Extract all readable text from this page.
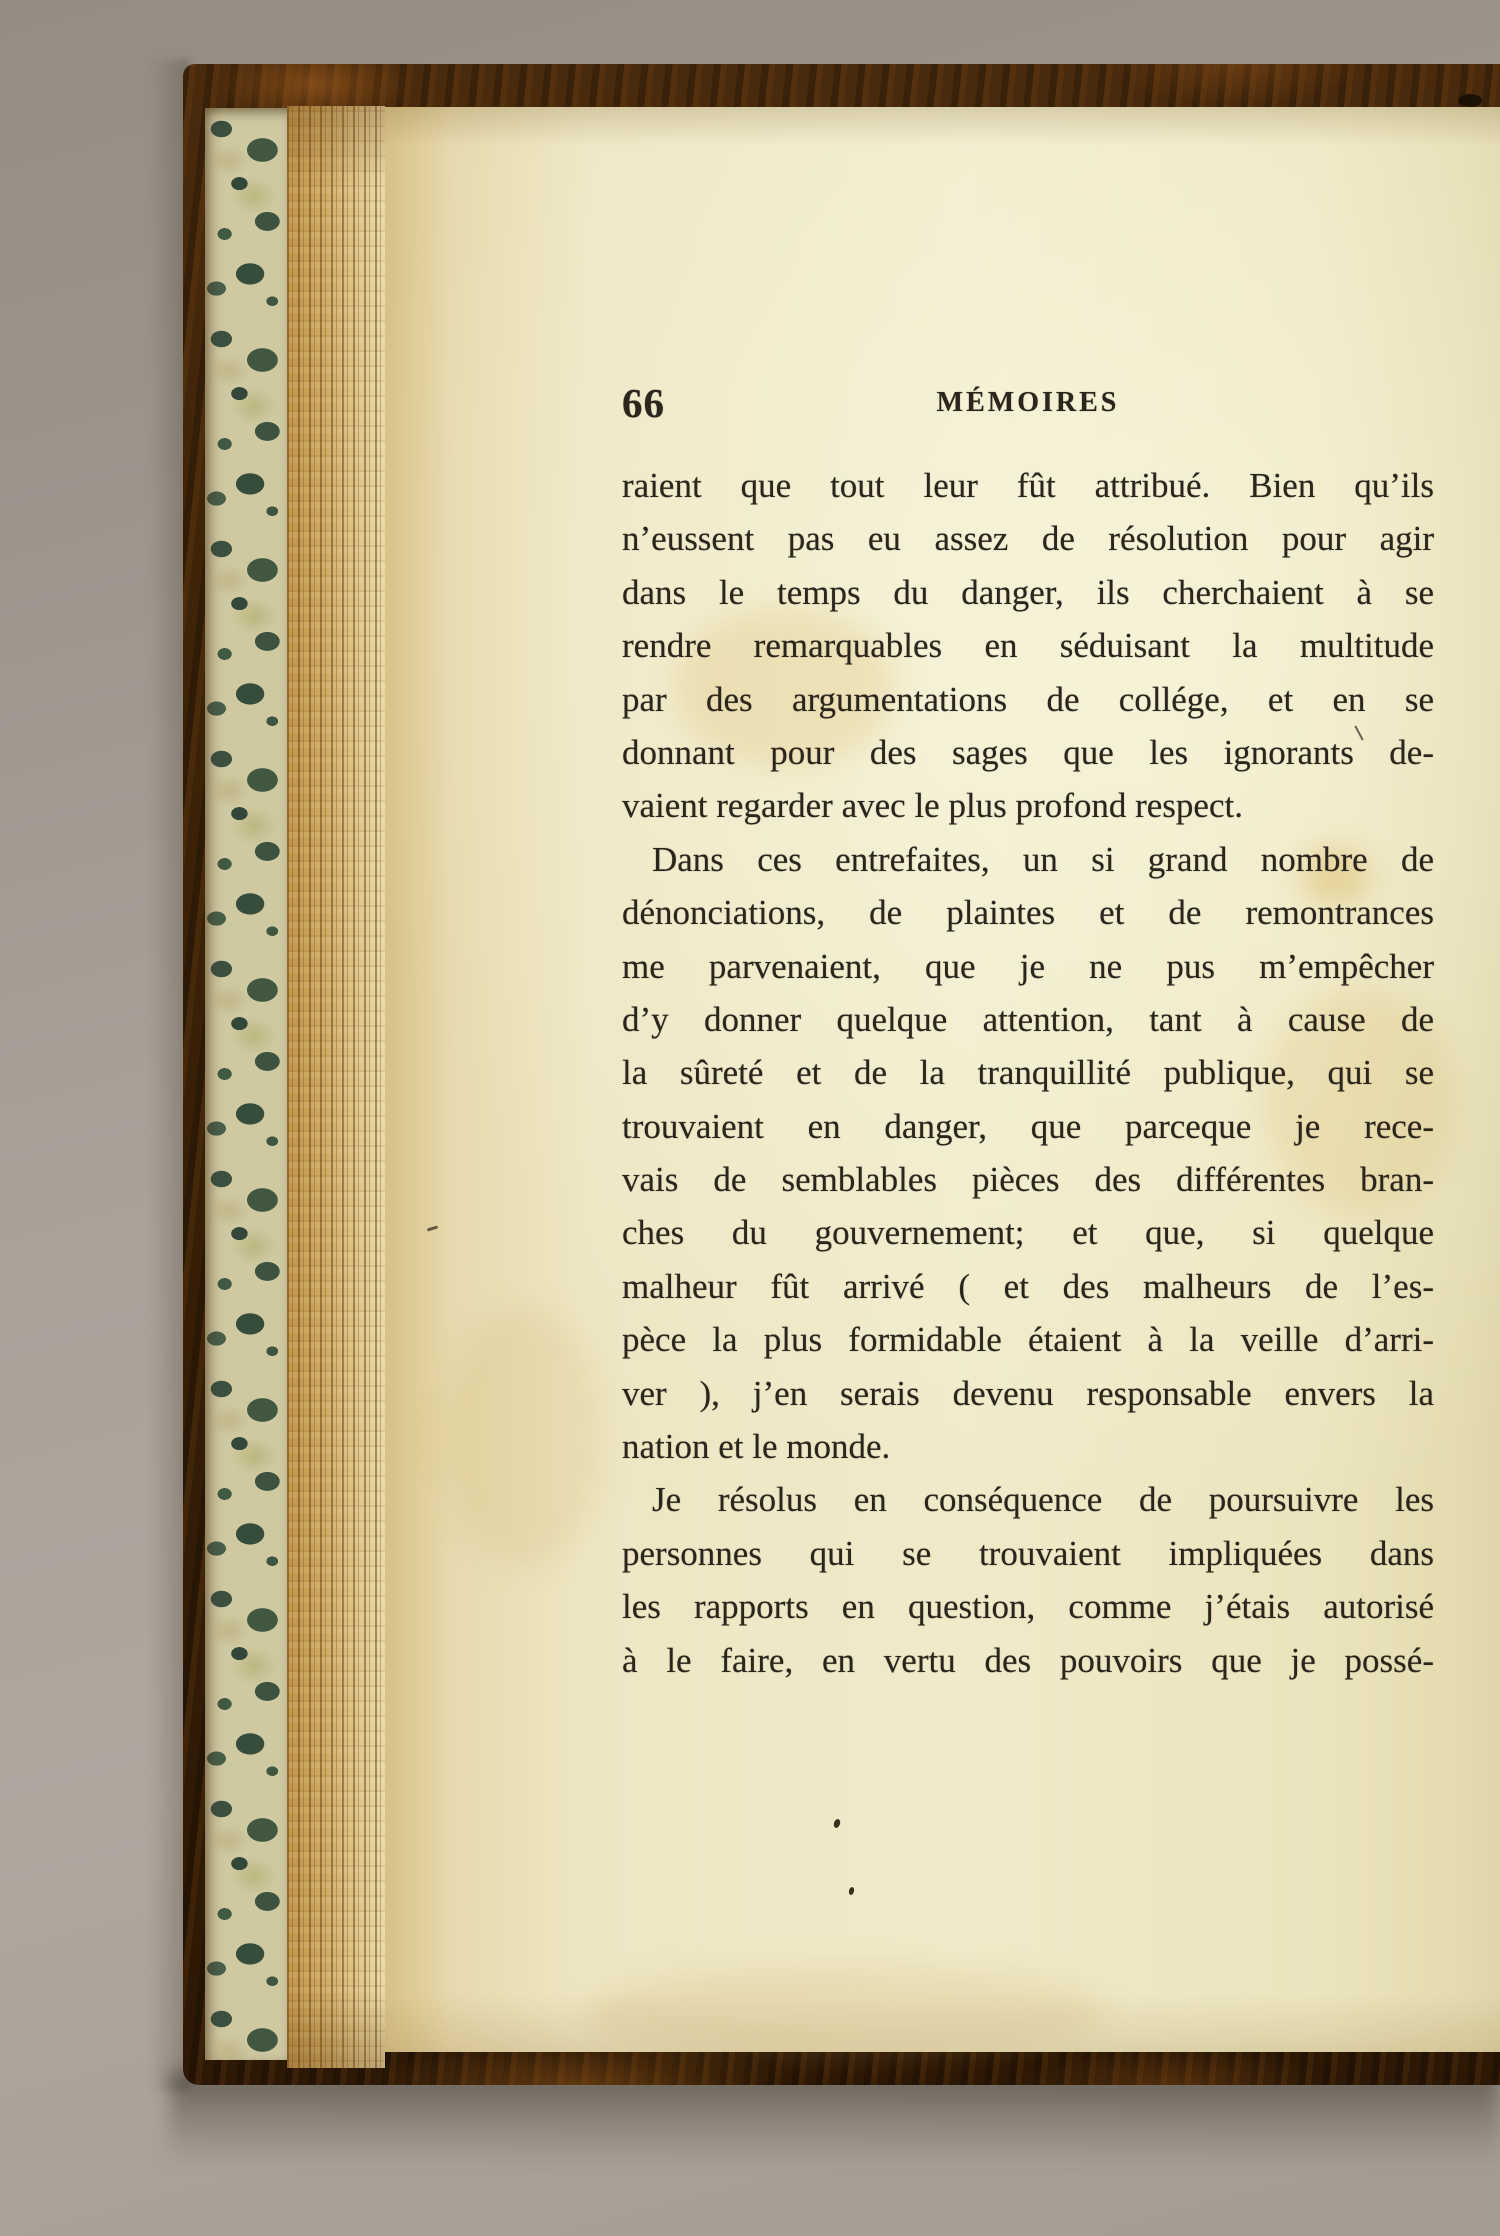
66	MÉMOIRES
raient que tout leur fût attribué. Bien qu’ils
n’eussent pas eu assez de résolution pour agir
dans le temps du danger, ils cherchaient à se
rendre remarquables en séduisant la multitude
par des argumentations de collége, et en se
donnant pour des sages que les ignorants de-
vaient regarder avec le plus profond respect.
Dans ces entrefaites, un si grand nombre de
dénonciations, de plaintes et de remontrances
me parvenaient, que je ne pus m’empêcher
d’y donner quelque attention, tant à cause de
la sûreté et de la tranquillité publique, qui se
trouvaient en danger, que parceque je rece-
vais de semblables pièces des différentes bran-
ches du gouvernement; et que, si quelque
malheur fût arrivé ( et des malheurs de l’es-
pèce la plus formidable étaient à la veille d’arri-
ver ), j’en serais devenu responsable envers la
nation et le monde.
Je résolus en conséquence de poursuivre les
personnes qui se trouvaient impliquées dans
les rapports en question, comme j’étais autorisé
à le faire, en vertu des pouvoirs que je possé-
